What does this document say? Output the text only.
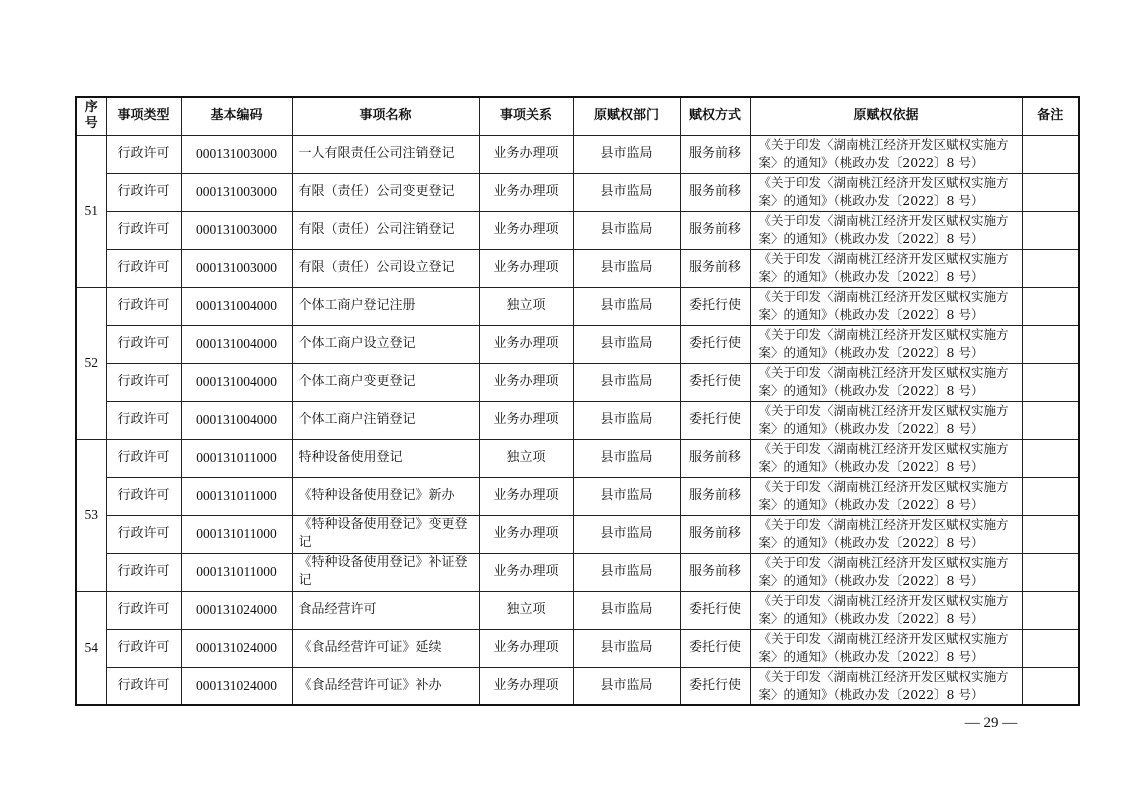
序号	事项类型	基本编码	事项名称	事项关系	原赋权部门	赋权方式	原赋权依据	备注
51	行政许可	000131003000	一人有限责任公司注销登记	业务办理项	县市监局	服务前移	《关于印发〈湖南桃江经济开发区赋权实施方案〉的通知》（桃政办发〔2022〕8 号）	
	行政许可	000131003000	有限（责任）公司变更登记	业务办理项	县市监局	服务前移	《关于印发〈湖南桃江经济开发区赋权实施方案〉的通知》（桃政办发〔2022〕8 号）	
	行政许可	000131003000	有限（责任）公司注销登记	业务办理项	县市监局	服务前移	《关于印发〈湖南桃江经济开发区赋权实施方案〉的通知》（桃政办发〔2022〕8 号）	
	行政许可	000131003000	有限（责任）公司设立登记	业务办理项	县市监局	服务前移	《关于印发〈湖南桃江经济开发区赋权实施方案〉的通知》（桃政办发〔2022〕8 号）	
52	行政许可	000131004000	个体工商户登记注册	独立项	县市监局	委托行使	《关于印发〈湖南桃江经济开发区赋权实施方案〉的通知》（桃政办发〔2022〕8 号）	
	行政许可	000131004000	个体工商户设立登记	业务办理项	县市监局	委托行使	《关于印发〈湖南桃江经济开发区赋权实施方案〉的通知》（桃政办发〔2022〕8 号）	
	行政许可	000131004000	个体工商户变更登记	业务办理项	县市监局	委托行使	《关于印发〈湖南桃江经济开发区赋权实施方案〉的通知》（桃政办发〔2022〕8 号）	
	行政许可	000131004000	个体工商户注销登记	业务办理项	县市监局	委托行使	《关于印发〈湖南桃江经济开发区赋权实施方案〉的通知》（桃政办发〔2022〕8 号）	
53	行政许可	000131011000	特种设备使用登记	独立项	县市监局	服务前移	《关于印发〈湖南桃江经济开发区赋权实施方案〉的通知》（桃政办发〔2022〕8 号）	
	行政许可	000131011000	《特种设备使用登记》新办	业务办理项	县市监局	服务前移	《关于印发〈湖南桃江经济开发区赋权实施方案〉的通知》（桃政办发〔2022〕8 号）	
	行政许可	000131011000	《特种设备使用登记》变更登记	业务办理项	县市监局	服务前移	《关于印发〈湖南桃江经济开发区赋权实施方案〉的通知》（桃政办发〔2022〕8 号）	
	行政许可	000131011000	《特种设备使用登记》补证登记	业务办理项	县市监局	服务前移	《关于印发〈湖南桃江经济开发区赋权实施方案〉的通知》（桃政办发〔2022〕8 号）	
54	行政许可	000131024000	食品经营许可	独立项	县市监局	委托行使	《关于印发〈湖南桃江经济开发区赋权实施方案〉的通知》（桃政办发〔2022〕8 号）	
	行政许可	000131024000	《食品经营许可证》延续	业务办理项	县市监局	委托行使	《关于印发〈湖南桃江经济开发区赋权实施方案〉的通知》（桃政办发〔2022〕8 号）	
	行政许可	000131024000	《食品经营许可证》补办	业务办理项	县市监局	委托行使	《关于印发〈湖南桃江经济开发区赋权实施方案〉的通知》（桃政办发〔2022〕8 号）	
— 29 —
